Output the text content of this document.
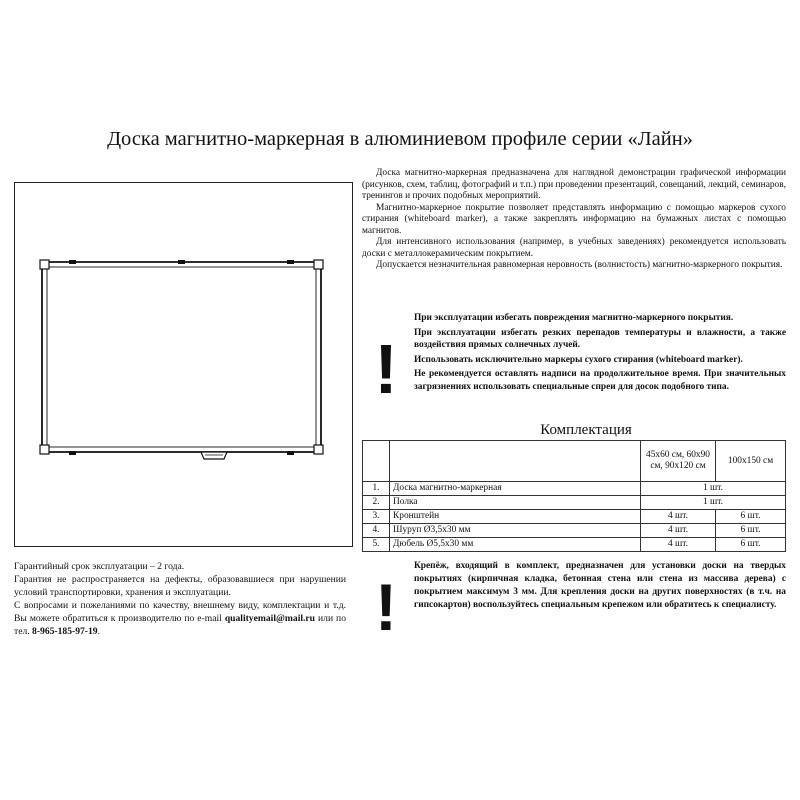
Доска магнитно-маркерная в алюминиевом профиле серии «Лайн»

Доска магнитно-маркерная предназначена для наглядной демонстрации графической информации (рисунков, схем, таблиц, фотографий и т.п.) при проведении презентаций, совещаний, лекций, семинаров, тренингов и прочих подобных мероприятий.

Магнитно-маркерное покрытие позволяет представлять информацию с помощью маркеров сухого стирания (whiteboard marker), а также закреплять информацию на бумажных листах с помощью магнитов.

Для интенсивного использования (например, в учебных заведениях) рекомендуется использовать доски с металлокерамическим покрытием.

Допускается незначительная равномерная неровность (волнистость) магнитно-маркерного покрытия.

!

При эксплуатации избегать повреждения магнитно-маркерного покрытия.

При эксплуатации избегать резких перепадов температуры и влажности, а также воздействия прямых солнечных лучей.

Использовать исключительно маркеры сухого стирания (whiteboard marker).

Не рекомендуется оставлять надписи на продолжительное время. При значительных загрязнениях использовать специальные спреи для досок подобного типа.

Комплектация
		45x60 см, 60x90 см, 90x120 см	100x150 см
1.	Доска магнитно-маркерная	1 шт.	
2.	Полка	1 шт.	
3.	Кронштейн	4 шт.	6 шт.
4.	Шуруп Ø3,5x30 мм	4 шт.	6 шт.
5.	Дюбель Ø5,5x30 мм	4 шт.	6 шт.

Гарантийный срок эксплуатации – 2 года.

Гарантия не распространяется на дефекты, образовавшиеся при нарушении условий транспортировки, хранения и эксплуатации.

С вопросами и пожеланиями по качеству, внешнему виду, комплектации и т.д. Вы можете обратиться к производителю по e-mail qualityemail@mail.ru или по тел. 8-965-185-97-19.	!

Крепёж, входящий в комплект, предназначен для установки доски на твердых покрытиях (кирпичная кладка, бетонная стена или стена из массива дерева) с покрытием максимум 3 мм. Для крепления доски на других поверхностях (в т.ч. на гипсокартон) воспользуйтесь специальным крепежом или обратитесь к специалисту.
